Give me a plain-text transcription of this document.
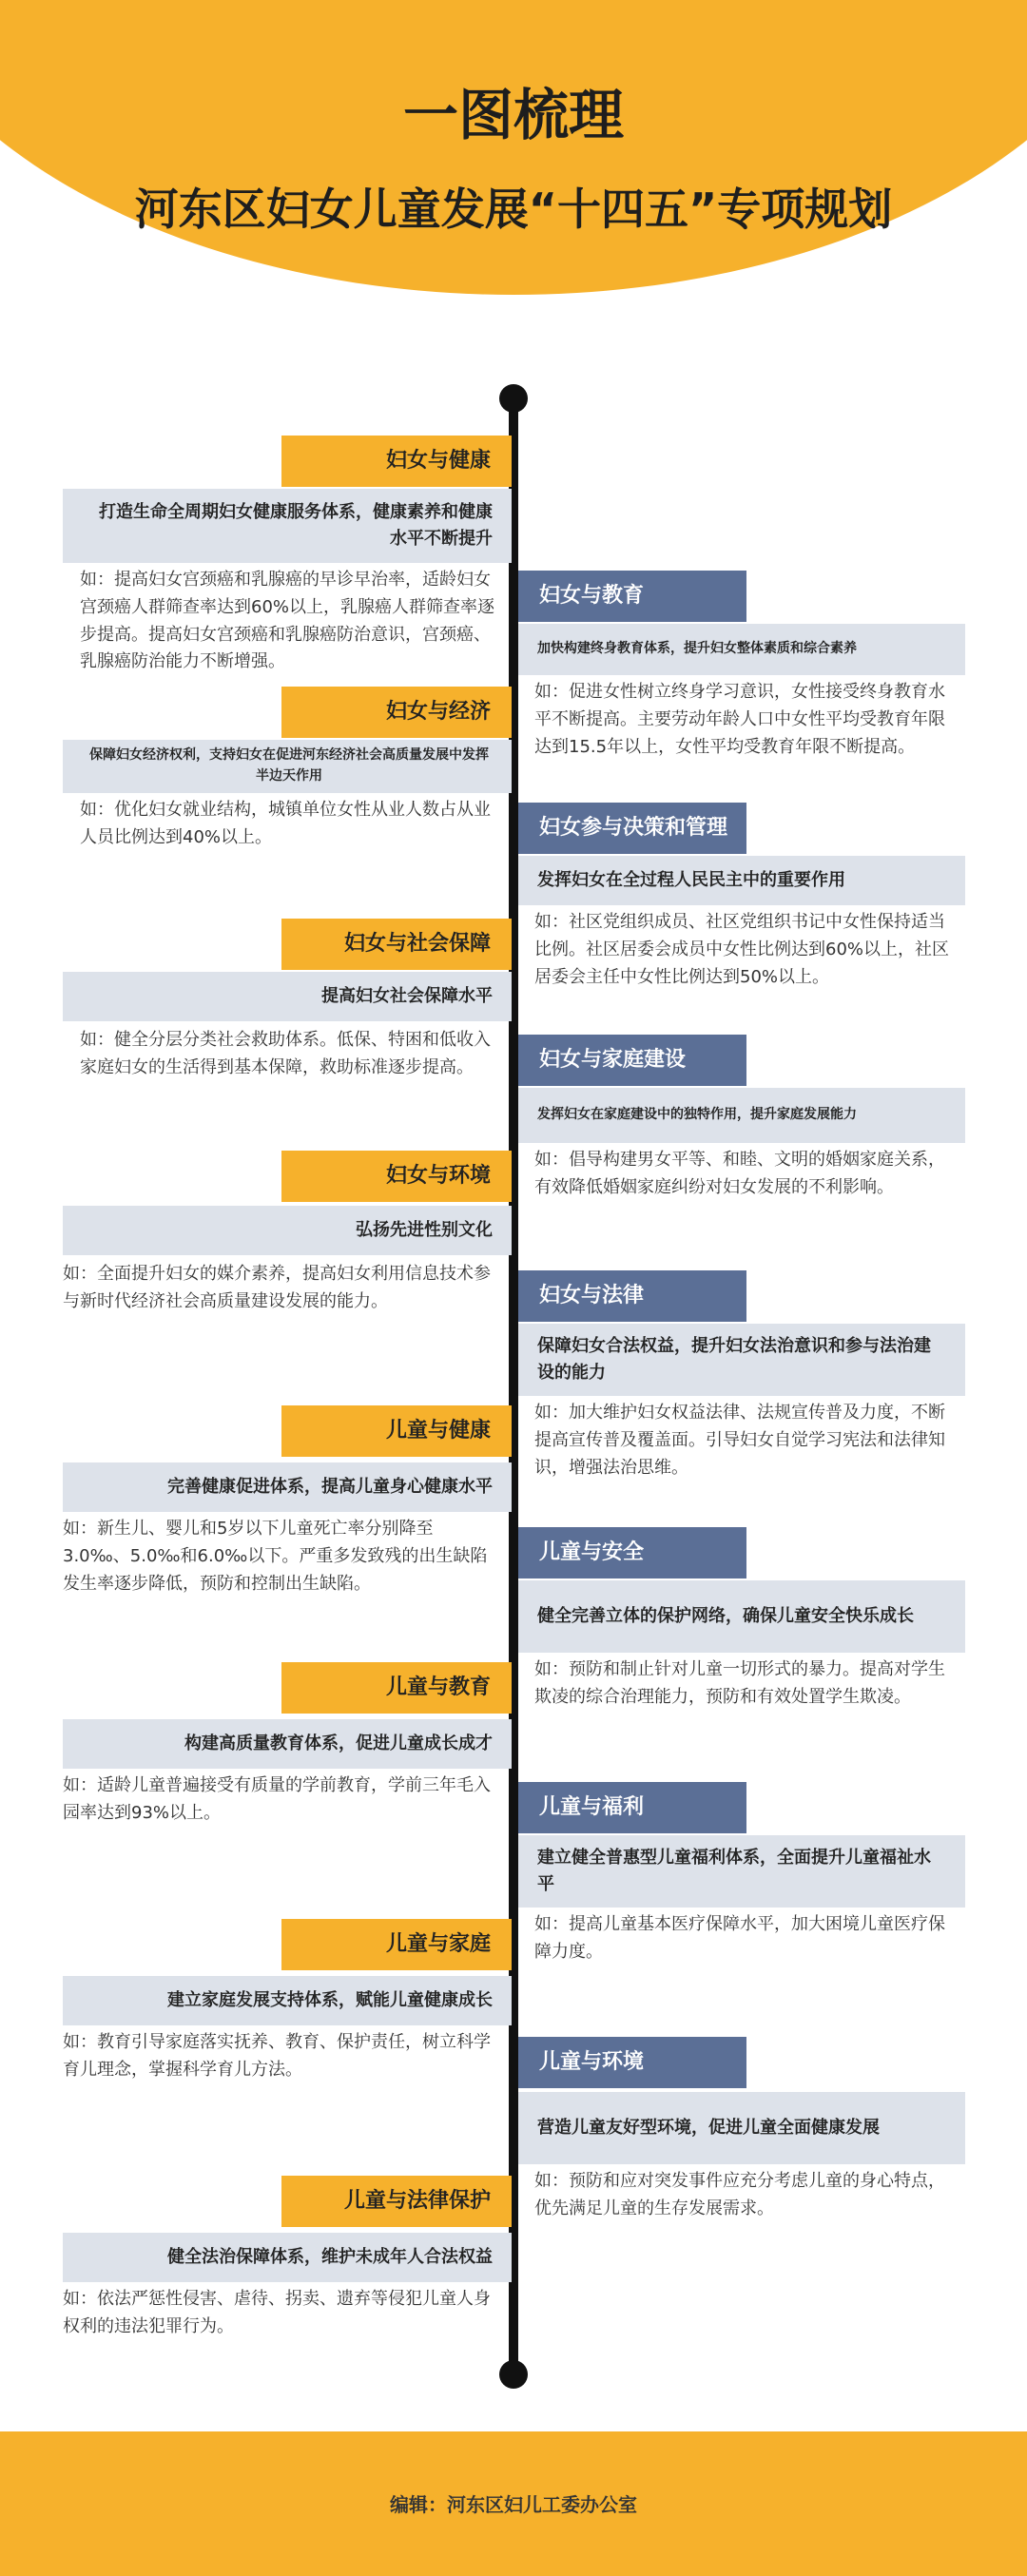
一图梳理
河东区妇女儿童发展“十四五”专项规划
妇女与健康
打造生命全周期妇女健康服务体系，健康素养和健康水平不断提升
如：提高妇女宫颈癌和乳腺癌的早诊早治率，适龄妇女宫颈癌人群筛查率达到60%以上，乳腺癌人群筛查率逐步提高。提高妇女宫颈癌和乳腺癌防治意识，宫颈癌、乳腺癌防治能力不断增强。
妇女与经济
保障妇女经济权利，支持妇女在促进河东经济社会高质量发展中发挥半边天作用
如：优化妇女就业结构，城镇单位女性从业人数占从业人员比例达到40%以上。
妇女与社会保障
提高妇女社会保障水平
如：健全分层分类社会救助体系。低保、特困和低收入家庭妇女的生活得到基本保障，救助标准逐步提高。
妇女与环境
弘扬先进性别文化
如：全面提升妇女的媒介素养，提高妇女利用信息技术参与新时代经济社会高质量建设发展的能力。
儿童与健康
完善健康促进体系，提高儿童身心健康水平
如：新生儿、婴儿和5岁以下儿童死亡率分别降至3.0‰、5.0‰和6.0‰以下。严重多发致残的出生缺陷发生率逐步降低，预防和控制出生缺陷。
儿童与教育
构建高质量教育体系，促进儿童成长成才
如：适龄儿童普遍接受有质量的学前教育，学前三年毛入园率达到93%以上。
儿童与家庭
建立家庭发展支持体系，赋能儿童健康成长
如：教育引导家庭落实抚养、教育、保护责任，树立科学育儿理念，掌握科学育儿方法。
儿童与法律保护
健全法治保障体系，维护未成年人合法权益
如：依法严惩性侵害、虐待、拐卖、遗弃等侵犯儿童人身权利的违法犯罪行为。
妇女与教育
加快构建终身教育体系，提升妇女整体素质和综合素养
如：促进女性树立终身学习意识，女性接受终身教育水平不断提高。主要劳动年龄人口中女性平均受教育年限达到15.5年以上，女性平均受教育年限不断提高。
妇女参与决策和管理
发挥妇女在全过程人民民主中的重要作用
如：社区党组织成员、社区党组织书记中女性保持适当比例。社区居委会成员中女性比例达到60%以上，社区居委会主任中女性比例达到50%以上。
妇女与家庭建设
发挥妇女在家庭建设中的独特作用，提升家庭发展能力
如：倡导构建男女平等、和睦、文明的婚姻家庭关系，有效降低婚姻家庭纠纷对妇女发展的不利影响。
妇女与法律
保障妇女合法权益，提升妇女法治意识和参与法治建设的能力
如：加大维护妇女权益法律、法规宣传普及力度，不断提高宣传普及覆盖面。引导妇女自觉学习宪法和法律知识，增强法治思维。
儿童与安全
健全完善立体的保护网络，确保儿童安全快乐成长
如：预防和制止针对儿童一切形式的暴力。提高对学生欺凌的综合治理能力，预防和有效处置学生欺凌。
儿童与福利
建立健全普惠型儿童福利体系，全面提升儿童福祉水平
如：提高儿童基本医疗保障水平，加大困境儿童医疗保障力度。
儿童与环境
营造儿童友好型环境，促进儿童全面健康发展
如：预防和应对突发事件应充分考虑儿童的身心特点，优先满足儿童的生存发展需求。
编辑：河东区妇儿工委办公室
